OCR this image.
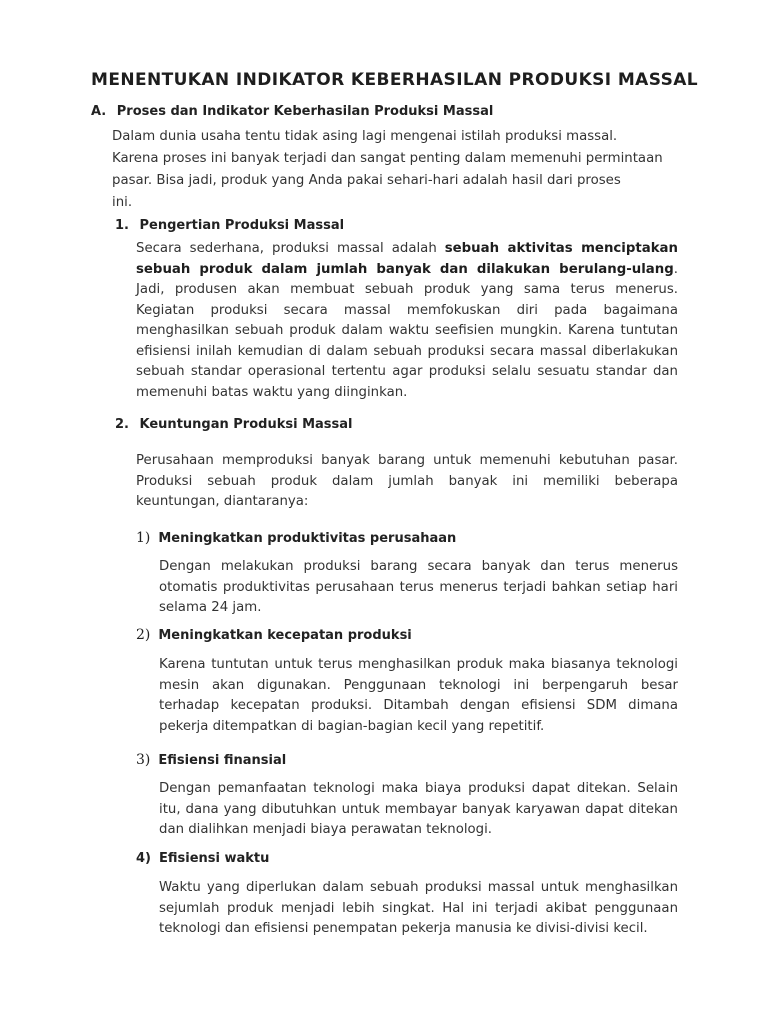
MENENTUKAN INDIKATOR KEBERHASILAN PRODUKSI MASSAL
A. Proses dan Indikator Keberhasilan Produksi Massal

Dalam dunia usaha tentu tidak asing lagi mengenai istilah produksi massal.

Karena proses ini banyak terjadi dan sangat penting dalam memenuhi permintaan

pasar. Bisa jadi, produk yang Anda pakai sehari-hari adalah hasil dari proses

ini.

1. Pengertian Produksi Massal
Secara sederhana, produksi massal adalah sebuah aktivitas menciptakan sebuah produk dalam jumlah banyak dan dilakukan berulang-ulang. Jadi, produsen akan membuat sebuah produk yang sama terus menerus. Kegiatan produksi secara massal memfokuskan diri pada bagaimana menghasilkan sebuah produk dalam waktu seefisien mungkin. Karena tuntutan efisiensi inilah kemudian di dalam sebuah produksi secara massal diberlakukan sebuah standar operasional tertentu agar produksi selalu sesuatu standar dan memenuhi batas waktu yang diinginkan.
2. Keuntungan Produksi Massal
Perusahaan memproduksi banyak barang untuk memenuhi kebutuhan pasar. Produksi sebuah produk dalam jumlah banyak ini memiliki beberapa keuntungan, diantaranya:
1) Meningkatkan produktivitas perusahaan
Dengan melakukan produksi barang secara banyak dan terus menerus otomatis produktivitas perusahaan terus menerus terjadi bahkan setiap hari selama 24 jam.
2) Meningkatkan kecepatan produksi
Karena tuntutan untuk terus menghasilkan produk maka biasanya teknologi mesin akan digunakan. Penggunaan teknologi ini berpengaruh besar terhadap kecepatan produksi. Ditambah dengan efisiensi SDM dimana pekerja ditempatkan di bagian-bagian kecil yang repetitif.
3) Efisiensi finansial
Dengan pemanfaatan teknologi maka biaya produksi dapat ditekan. Selain itu, dana yang dibutuhkan untuk membayar banyak karyawan dapat ditekan dan dialihkan menjadi biaya perawatan teknologi.
4) Efisiensi waktu
Waktu yang diperlukan dalam sebuah produksi massal untuk menghasilkan sejumlah produk menjadi lebih singkat. Hal ini terjadi akibat penggunaan teknologi dan efisiensi penempatan pekerja manusia ke divisi-divisi kecil.
